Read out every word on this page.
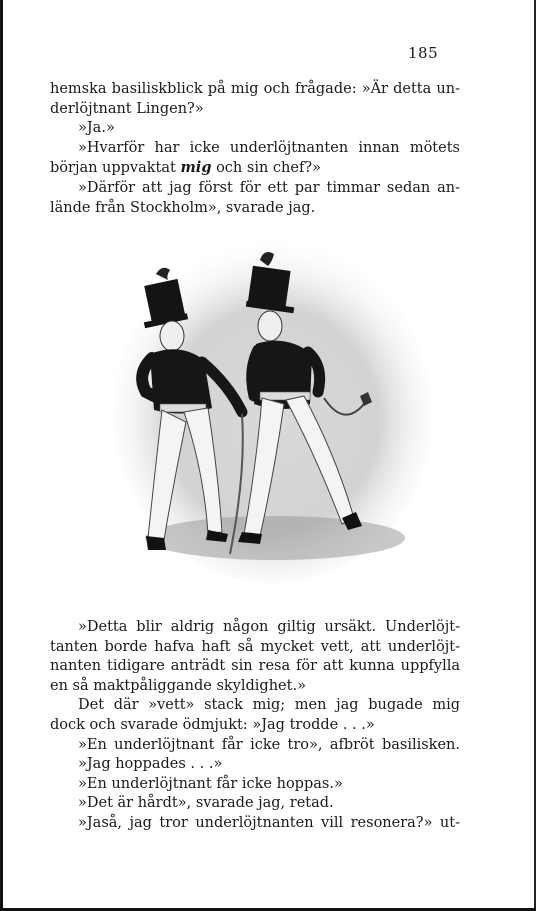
185
hemska basiliskblick på mig och frågade: »Är detta un-
derlöjtnant Lingen?»
»Ja.»
»Hvarför har icke underlöjtnanten innan mötets
början uppvaktat mig och sin chef?»
»Därför att jag först för ett par timmar sedan an-
lände från Stockholm», svarade jag.
»Detta blir aldrig någon giltig ursäkt. Underlöjt-
tanten borde hafva haft så mycket vett, att underlöjt-
nanten tidigare anträdt sin resa för att kunna uppfylla
en så maktpåliggande skyldighet.»
Det där »vett» stack mig; men jag bugade mig
dock och svarade ödmjukt: »Jag trodde . . .»
»En underlöjtnant får icke tro», afbröt basilisken.
»Jag hoppades . . .»
»En underlöjtnant får icke hoppas.»
»Det är hårdt», svarade jag, retad.
»Jaså, jag tror underlöjtnanten vill resonera?» ut-
